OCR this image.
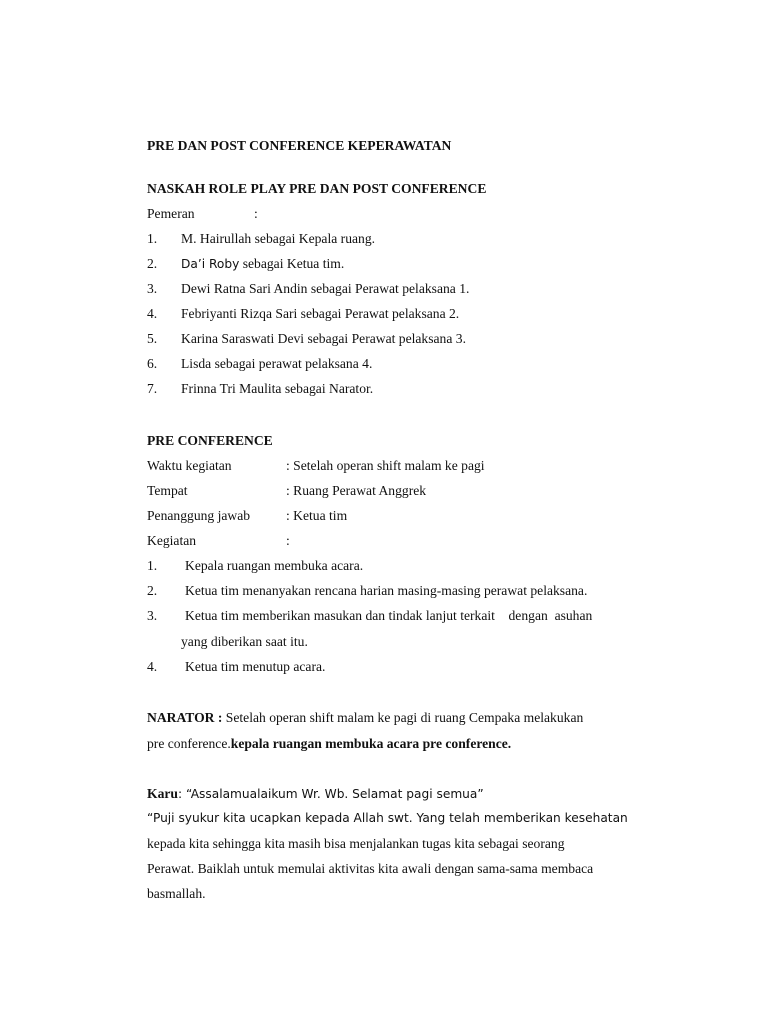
PRE DAN POST CONFERENCE KEPERAWATAN
NASKAH ROLE PLAY PRE DAN POST CONFERENCE
Pemeran	:
1. M. Hairullah sebagai Kepala ruang.
2. Da’i Roby sebagai Ketua tim.
3. Dewi Ratna Sari Andin sebagai Perawat pelaksana 1.
4. Febriyanti Rizqa Sari sebagai Perawat pelaksana 2.
5. Karina Saraswati Devi sebagai Perawat pelaksana 3.
6. Lisda sebagai perawat pelaksana 4.
7. Frinna Tri Maulita sebagai Narator.
PRE CONFERENCE
Waktu kegiatan	: Setelah operan shift malam ke pagi
Tempat	: Ruang Perawat Anggrek
Penanggung jawab	: Ketua tim
Kegiatan	:
1. Kepala ruangan membuka acara.
2. Ketua tim menanyakan rencana harian masing-masing perawat pelaksana.
3. Ketua tim memberikan masukan dan tindak lanjut terkait    dengan  asuhan
yang diberikan saat itu.
4. Ketua tim menutup acara.
NARATOR : Setelah operan shift malam ke pagi di ruang Cempaka melakukan
pre conference.kepala ruangan membuka acara pre conference.
Karu: “Assalamualaikum Wr. Wb. Selamat pagi semua”
“Puji syukur kita ucapkan kepada Allah swt. Yang telah memberikan kesehatan
kepada kita sehingga kita masih bisa menjalankan tugas kita sebagai seorang
Perawat. Baiklah untuk memulai aktivitas kita awali dengan sama-sama membaca
basmallah.
